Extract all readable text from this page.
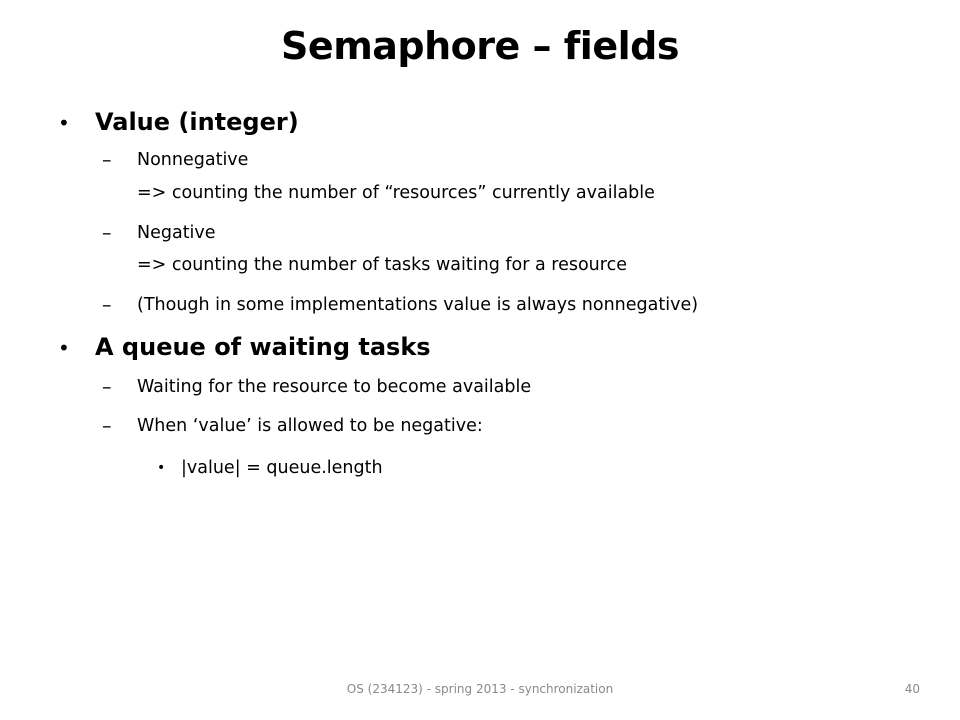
Semaphore – fields
• Value (integer)
– Nonnegative
=> counting the number of “resources” currently available
– Negative
=> counting the number of tasks waiting for a resource
– (Though in some implementations value is always nonnegative)
• A queue of waiting tasks
– Waiting for the resource to become available
– When ‘value’ is allowed to be negative:
• |value| = queue.length
OS (234123) - spring 2013 - synchronization	40
